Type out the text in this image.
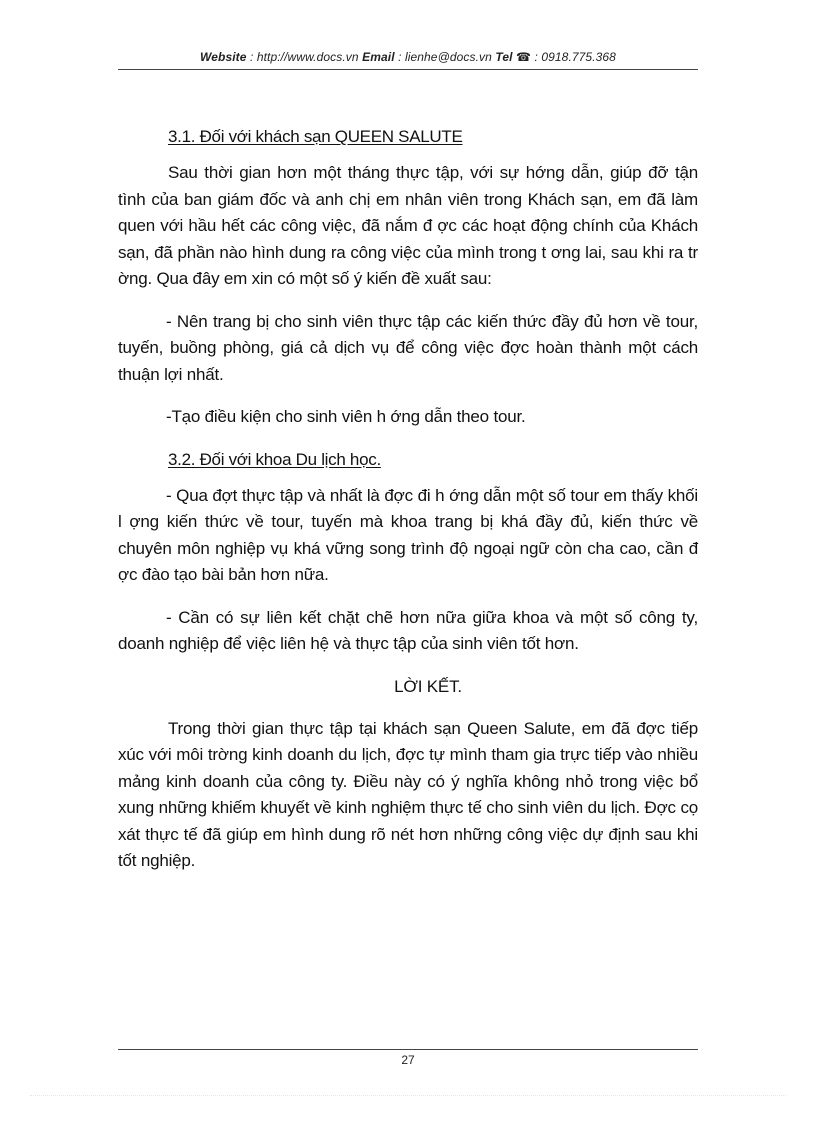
Website : http://www.docs.vn Email : lienhe@docs.vn Tel ☎ : 0918.775.368
3.1. Đối với khách sạn QUEEN SALUTE

Sau thời gian hơn một tháng thực tập, với sự hớng dẫn, giúp đỡ tận tình của ban giám đốc và anh chị em nhân viên trong Khách sạn, em đã làm quen với hầu hết các công việc, đã nắm đ ợc các hoạt động chính của Khách sạn, đã phần nào hình dung ra công việc của mình trong t ơng lai, sau khi ra tr ờng. Qua đây em xin có một số ý kiến đề xuất sau:

- Nên trang bị cho sinh viên thực tập các kiến thức đầy đủ hơn về tour, tuyến, buồng phòng, giá cả dịch vụ để công việc đợc hoàn thành một cách thuận lợi nhất.

-Tạo điều kiện cho sinh viên h ớng dẫn theo tour.

3.2. Đối với khoa Du lịch học.

- Qua đợt thực tập và nhất là đợc đi h ớng dẫn một số tour em thấy khối l ợng kiến thức về tour, tuyến mà khoa trang bị khá đầy đủ, kiến thức về chuyên môn nghiệp vụ khá vững song trình độ ngoại ngữ còn cha cao, cần đ ợc đào tạo bài bản hơn nữa.

- Cần có sự liên kết chặt chẽ hơn nữa giữa khoa và một số công ty, doanh nghiệp để việc liên hệ và thực tập của sinh viên tốt hơn.

LỜI KẾT.

Trong thời gian thực tập tại khách sạn Queen Salute, em đã đợc tiếp xúc với môi trờng kinh doanh du lịch, đợc tự mình tham gia trực tiếp vào nhiều mảng kinh doanh của công ty. Điều này có ý nghĩa không nhỏ trong việc bổ xung những khiếm khuyết về kinh nghiệm thực tế cho sinh viên du lịch. Đợc cọ xát thực tế đã giúp em hình dung rõ nét hơn những công việc dự định sau khi tốt nghiệp.

27
